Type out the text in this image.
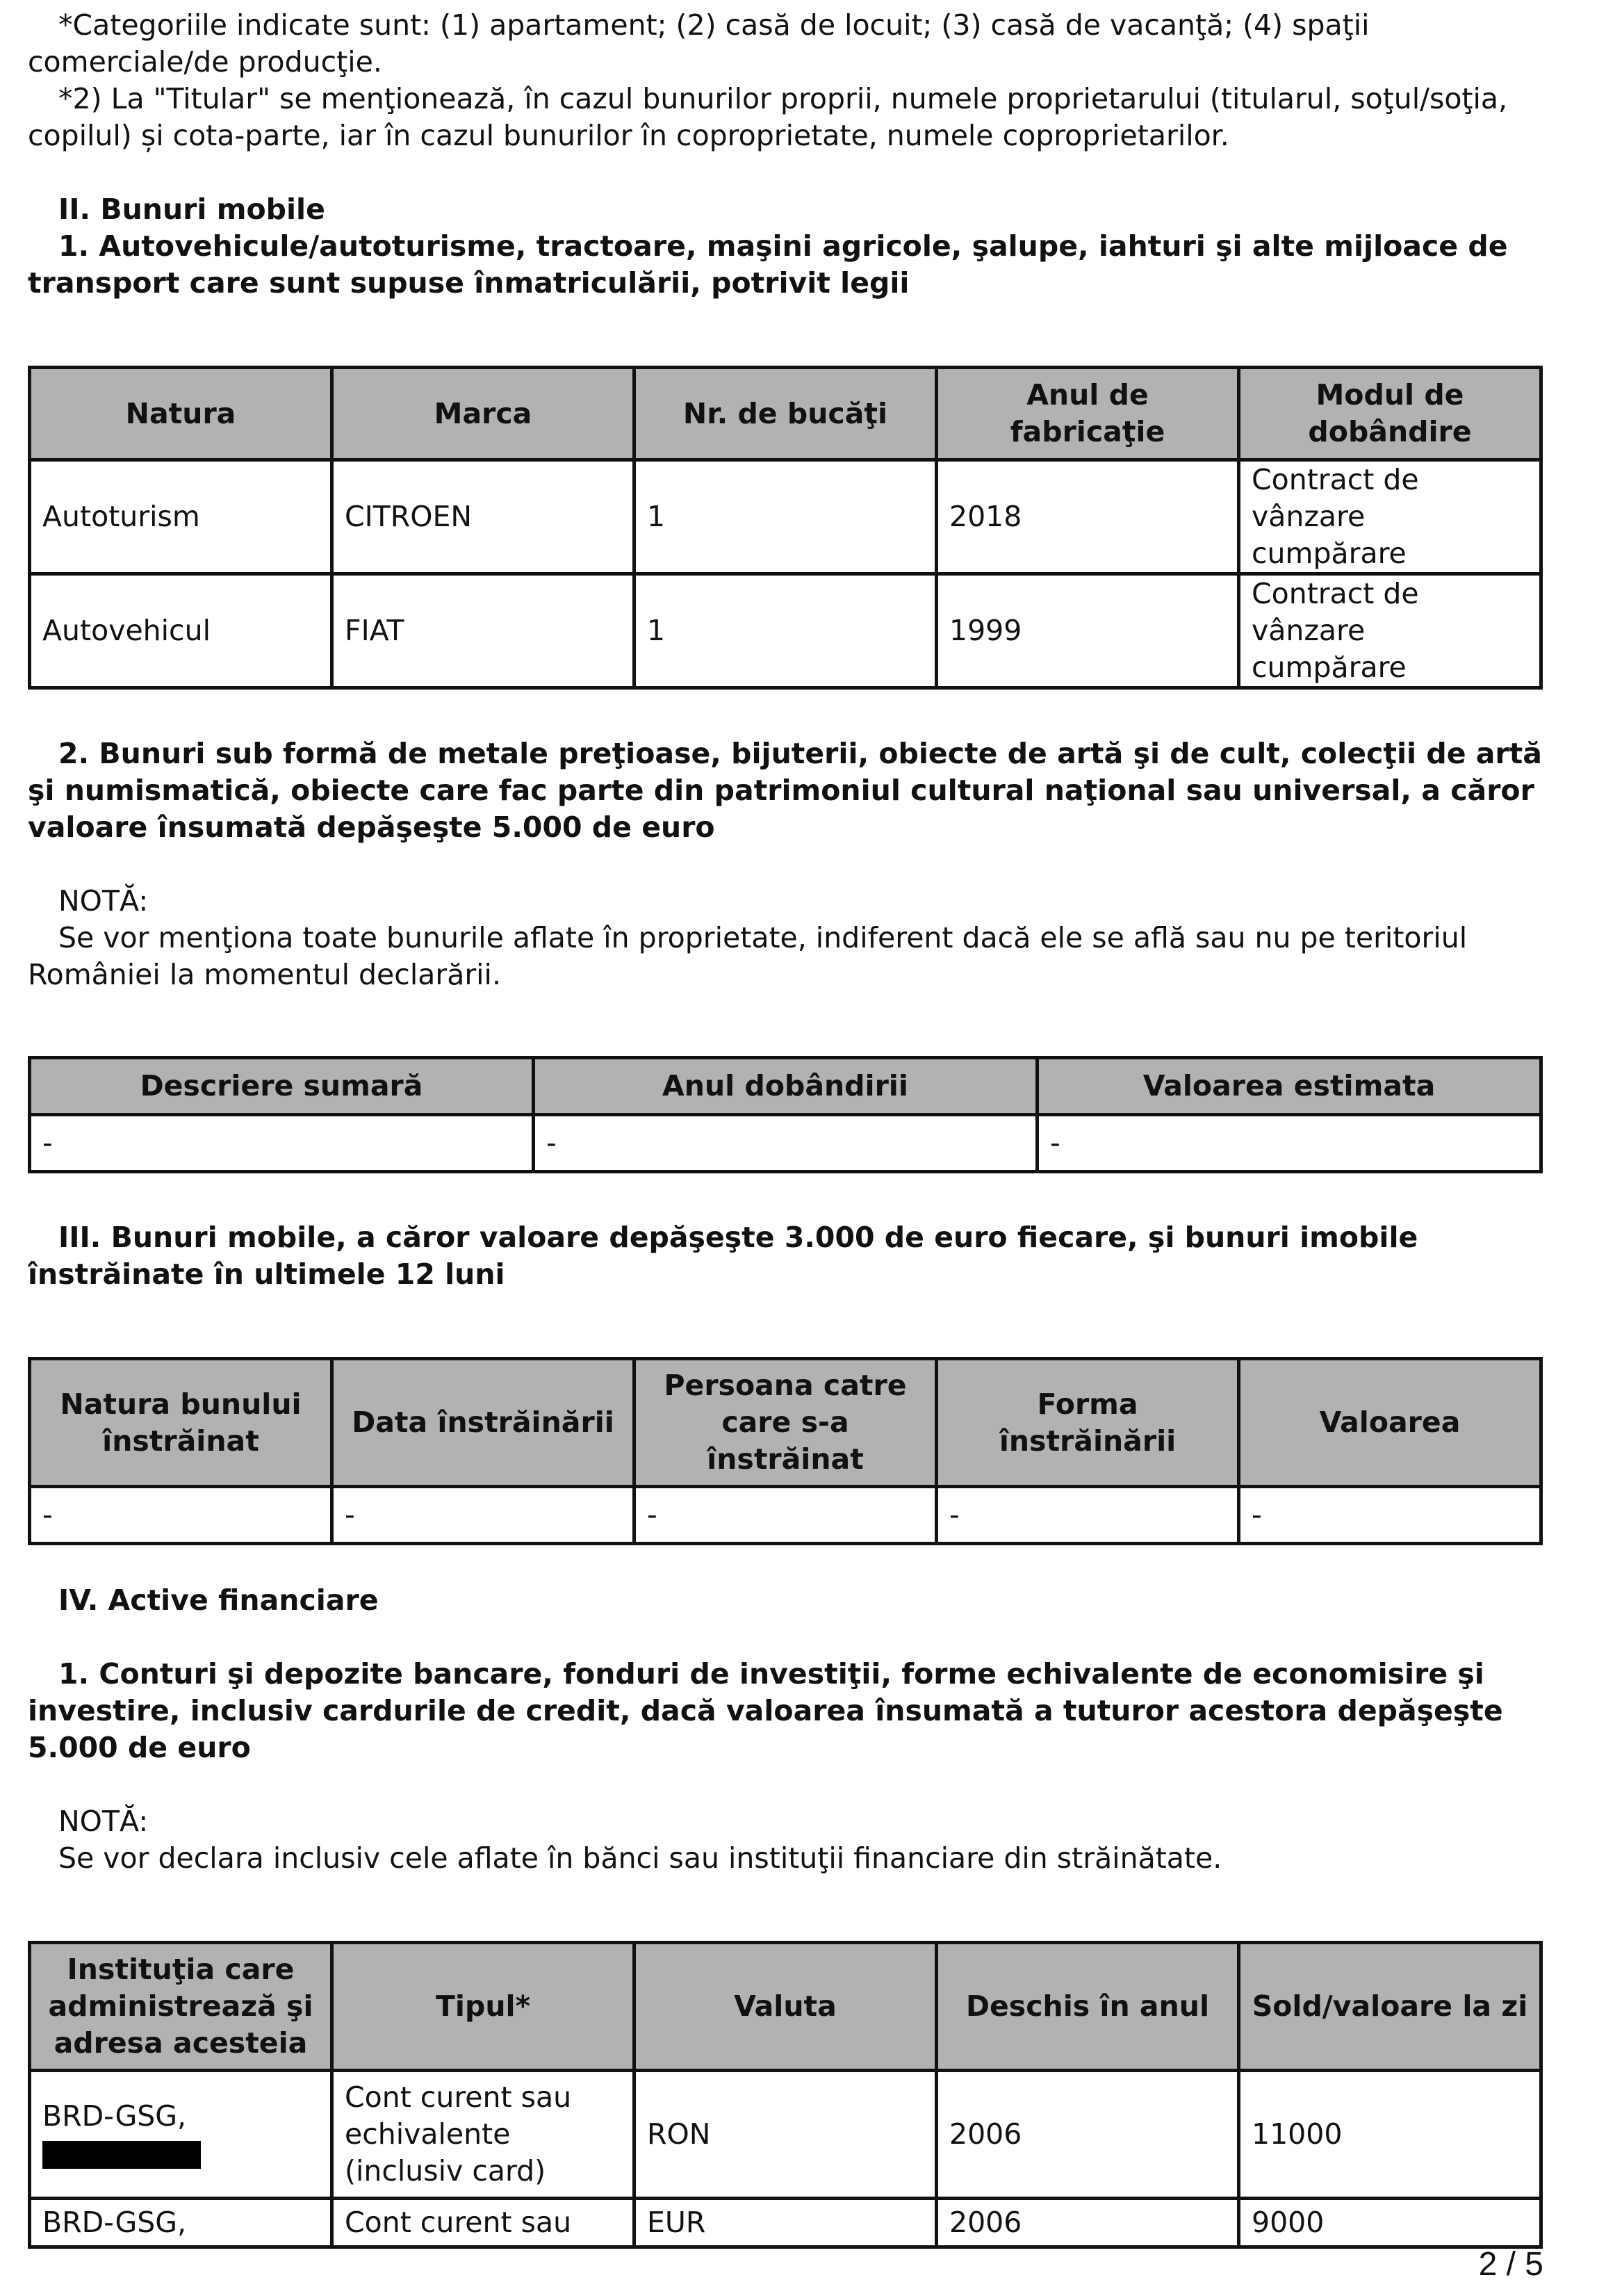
*Categoriile indicate sunt: (1) apartament; (2) casă de locuit; (3) casă de vacanţă; (4) spaţii comerciale/de producţie.

*2) La "Titular" se menţionează, în cazul bunurilor proprii, numele proprietarului (titularul, soţul/soţia, copilul) și cota-parte, iar în cazul bunurilor în coproprietate, numele coproprietarilor.

II. Bunuri mobile

1. Autovehicule/autoturisme, tractoare, maşini agricole, şalupe, iahturi şi alte mijloace de transport care sunt supuse înmatriculării, potrivit legii

Natura	Marca	Nr. de bucăţi	Anul de fabricaţie	Modul de dobândire
Autoturism	CITROEN	1	2018	Contract de vânzare cumpărare
Autovehicul	FIAT	1	1999	Contract de vânzare cumpărare

2. Bunuri sub formă de metale preţioase, bijuterii, obiecte de artă şi de cult, colecţii de artă şi numismatică, obiecte care fac parte din patrimoniul cultural naţional sau universal, a căror valoare însumată depăşeşte 5.000 de euro

NOTĂ:

Se vor menţiona toate bunurile aflate în proprietate, indiferent dacă ele se află sau nu pe teritoriul României la momentul declarării.

Descriere sumară	Anul dobândirii	Valoarea estimata
-	-	-

III. Bunuri mobile, a căror valoare depăşeşte 3.000 de euro fiecare, şi bunuri imobile înstrăinate în ultimele 12 luni

Natura bunului înstrăinat	Data înstrăinării	Persoana catre care s-a înstrăinat	Forma înstrăinării	Valoarea
-	-	-	-	-

IV. Active financiare

1. Conturi şi depozite bancare, fonduri de investiţii, forme echivalente de economisire şi investire, inclusiv cardurile de credit, dacă valoarea însumată a tuturor acestora depăşeşte 5.000 de euro

NOTĂ:

Se vor declara inclusiv cele aflate în bănci sau instituţii financiare din străinătate.

Instituţia care administrează şi adresa acesteia	Tipul*	Valuta	Deschis în anul	Sold/valoare la zi
BRD-GSG,	Cont curent sau echivalente (inclusiv card)	RON	2006	11000
BRD-GSG,	Cont curent sau	EUR	2006	9000
2 / 5
